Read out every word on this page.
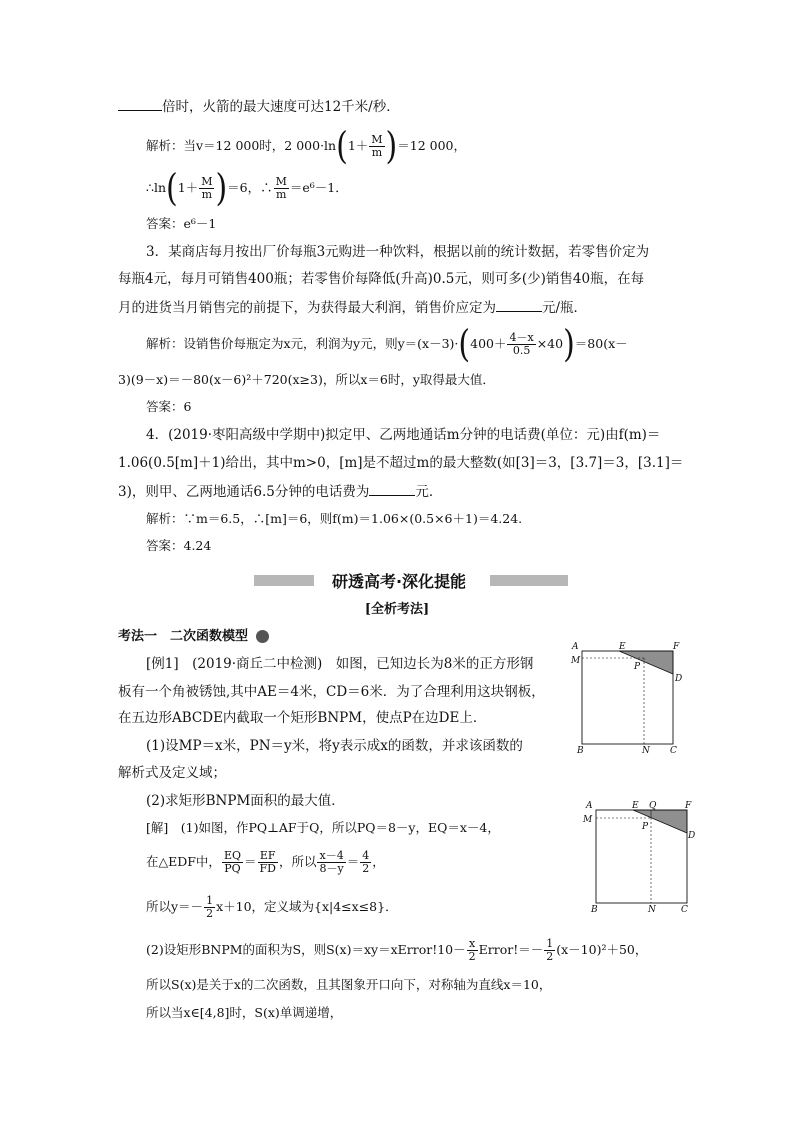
倍时，火箭的最大速度可达12千米/秒．
解析：当v＝12 000时，2 $000\cdot\ln(1+ \frac{M}{m} )=12$ 000，
∴ln(1＋ $\frac{M}{m} )=6$，∴ $\frac{M}{m} =e^6-1$．
答案：e⁶－1
3．某商店每月按出厂价每瓶3元购进一种饮料，根据以前的统计数据，若零售价定为
每瓶4元，每月可销售400瓶；若零售价每降低(升高)0.5元，则可多(少)销售40瓶，在每
月的进货当月销售完的前提下，为获得最大利润，销售价应定为	元/瓶．
解析：设销售价每瓶定为x元，利润为y元，则$y=(x-3)\cdot(400+ \frac{4-x}{0.5} \times 40)=80(x-$
3)(9－x)＝－80(x－6)²＋720(x≥3)，所以x＝6时，y取得最大值．
答案：6
4．(2019·枣阳高级中学期中)拟定甲、乙两地通话m分钟的电话费(单位：元)由f(m)＝
1.06(0.5[m]＋1)给出，其中m>0，[m]是不超过m的最大整数(如[3]＝3，[3.7]＝3，[3.1]＝
3)，则甲、乙两地通话6.5分钟的电话费为	元．
解析：∵m＝6.5，∴[m]＝6，则f(m)＝1.06×(0.5×6＋1)＝4.24.
答案：4.24
研透高考·深化提能
[全析考法]
考法一　二次函数模型
[例1]　(2019·商丘二中检测)　如图，已知边长为8米的正方形钢
板有一个角被锈蚀,其中AE＝4米，CD＝6米．为了合理利用这块钢板，
在五边形ABCDE内截取一个矩形BNPM，使点P在边DE上．
(1)设MP＝x米，PN＝y米，将y表示成x的函数，并求该函数的
解析式及定义域；
(2)求矩形BNPM面积的最大值．
[解]　(1)如图，作PQ⊥AF于Q，所以PQ＝8－y，EQ＝x－4，
在△EDF中， $\frac{EQ}{PQ} = \frac{EF}{FD}$ ，所以 $\frac{x-4}{8-y} = \frac{4}{2}$ ，
所以$y=- \frac{1}{2} x+10$，定义域为{x|4≤x≤8}．
(2)设矩形BNPM的面积为S，则S(x)＝xy＝xError!10－ $\frac{x}{2}$ Error!＝－ $\frac{1}{2} (x-10)^2+50$，
所以S(x)是关于x的二次函数，且其图象开口向下，对称轴为直线x＝10，
所以当x∈[4,8]时，S(x)单调递增，
A	E	F
M
P
D
B	N C
A	E Q	F
M
P
D
B	N	C
